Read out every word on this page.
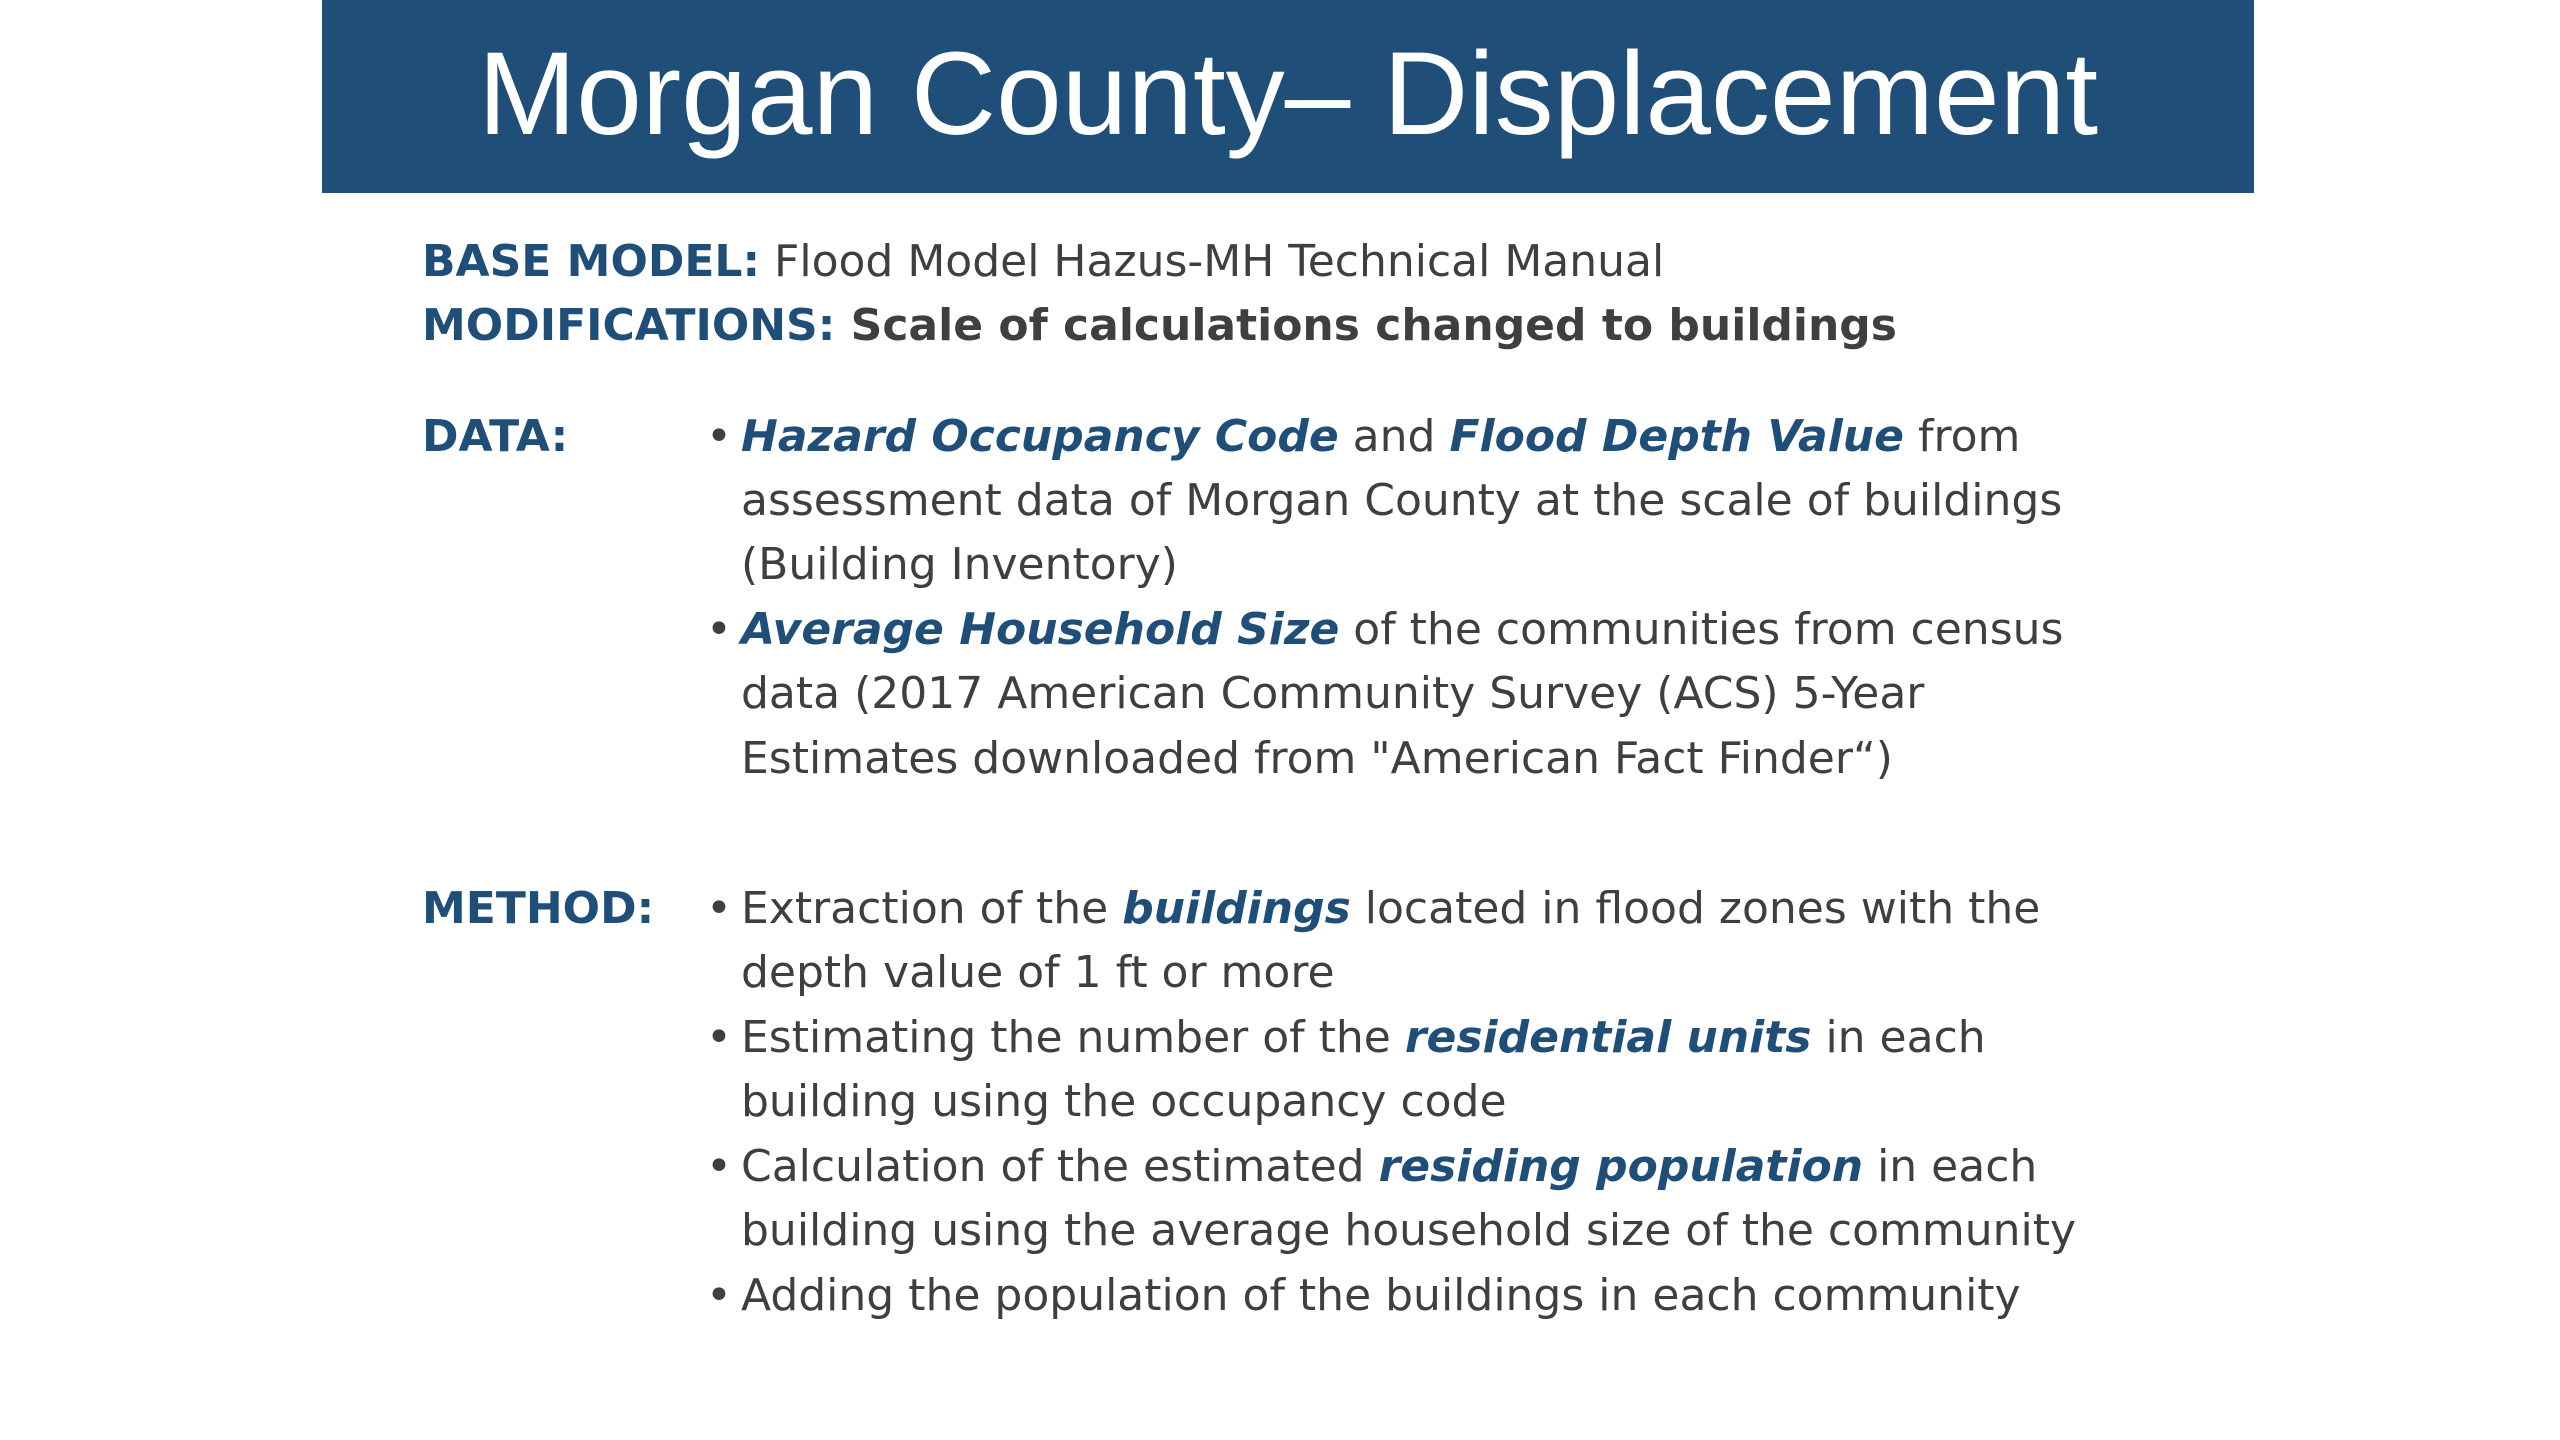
Morgan County– Displacement
BASE MODEL: Flood Model Hazus-MH Technical Manual
MODIFICATIONS: Scale of calculations changed to buildings
DATA:	• Hazard Occupancy Code and Flood Depth Value from
assessment data of Morgan County at the scale of buildings
(Building Inventory)
• Average Household Size of the communities from census
data (2017 American Community Survey (ACS) 5-Year
Estimates downloaded from "American Fact Finder“)
METHOD: • Extraction of the buildings located in flood zones with the
depth value of 1 ft or more
• Estimating the number of the residential units in each
building using the occupancy code
• Calculation of the estimated residing population in each
building using the average household size of the community
• Adding the population of the buildings in each community
